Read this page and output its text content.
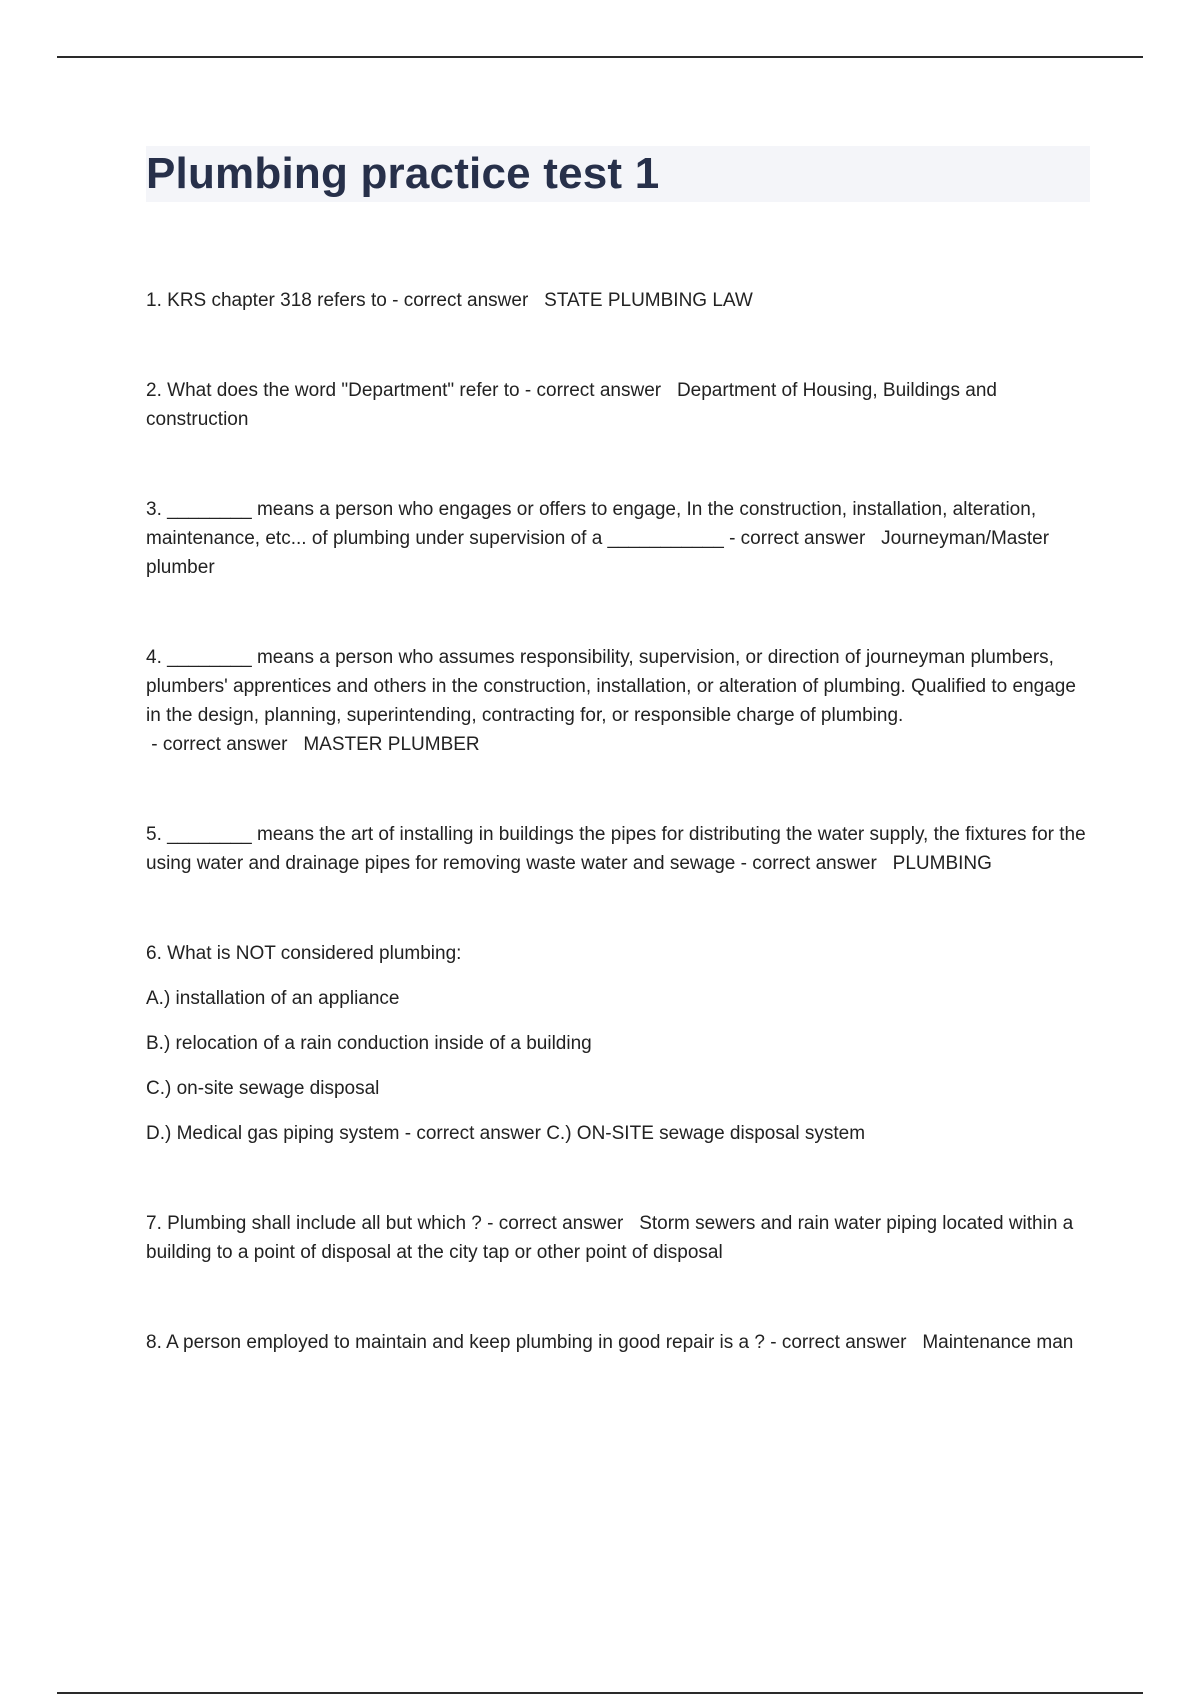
Plumbing practice test 1

1. KRS chapter 318 refers to - correct answer   STATE PLUMBING LAW

2. What does the word "Department" refer to - correct answer   Department of Housing, Buildings and construction

3. ________ means a person who engages or offers to engage, In the construction, installation, alteration, maintenance, etc... of plumbing under supervision of a ___________ - correct answer   Journeyman/Master plumber

4. ________ means a person who assumes responsibility, supervision, or direction of journeyman plumbers, plumbers' apprentices and others in the construction, installation, or alteration of plumbing. Qualified to engage in the design, planning, superintending, contracting for, or responsible charge of plumbing. - correct answer   MASTER PLUMBER

5. ________ means the art of installing in buildings the pipes for distributing the water supply, the fixtures for the using water and drainage pipes for removing waste water and sewage - correct answer   PLUMBING

6. What is NOT considered plumbing:

A.) installation of an appliance

B.) relocation of a rain conduction inside of a building

C.) on-site sewage disposal

D.) Medical gas piping system - correct answer C.) ON-SITE sewage disposal system

7. Plumbing shall include all but which ? - correct answer   Storm sewers and rain water piping located within a building to a point of disposal at the city tap or other point of disposal

8. A person employed to maintain and keep plumbing in good repair is a ? - correct answer   Maintenance man
